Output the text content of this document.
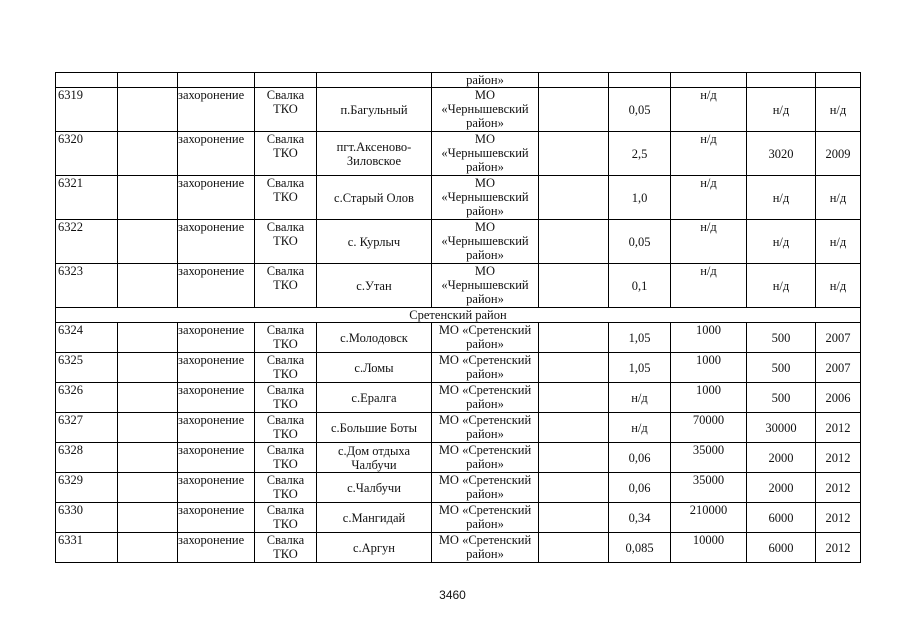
					район»					
6319		захоронение	Свалка ТКО	п.Багульный	МО «Чернышевский район»		0,05	н/д	н/д	н/д
6320		захоронение	Свалка ТКО	пгт.Аксеново-Зиловское	МО «Чернышевский район»		2,5	н/д	3020	2009
6321		захоронение	Свалка ТКО	с.Старый Олов	МО «Чернышевский район»		1,0	н/д	н/д	н/д
6322		захоронение	Свалка ТКО	с. Курлыч	МО «Чернышевский район»		0,05	н/д	н/д	н/д
6323		захоронение	Свалка ТКО	с.Утан	МО «Чернышевский район»		0,1	н/д	н/д	н/д
Сретенский район										
6324		захоронение	Свалка ТКО	с.Молодовск	МО «Сретенский район»		1,05	1000	500	2007
6325		захоронение	Свалка ТКО	с.Ломы	МО «Сретенский район»		1,05	1000	500	2007
6326		захоронение	Свалка ТКО	с.Ералга	МО «Сретенский район»		н/д	1000	500	2006
6327		захоронение	Свалка ТКО	с.Большие Боты	МО «Сретенский район»		н/д	70000	30000	2012
6328		захоронение	Свалка ТКО	с.Дом отдыха Чалбучи	МО «Сретенский район»		0,06	35000	2000	2012
6329		захоронение	Свалка ТКО	с.Чалбучи	МО «Сретенский район»		0,06	35000	2000	2012
6330		захоронение	Свалка ТКО	с.Мангидай	МО «Сретенский район»		0,34	210000	6000	2012
6331		захоронение	Свалка ТКО	с.Аргун	МО «Сретенский район»		0,085	10000	6000	2012
3460
